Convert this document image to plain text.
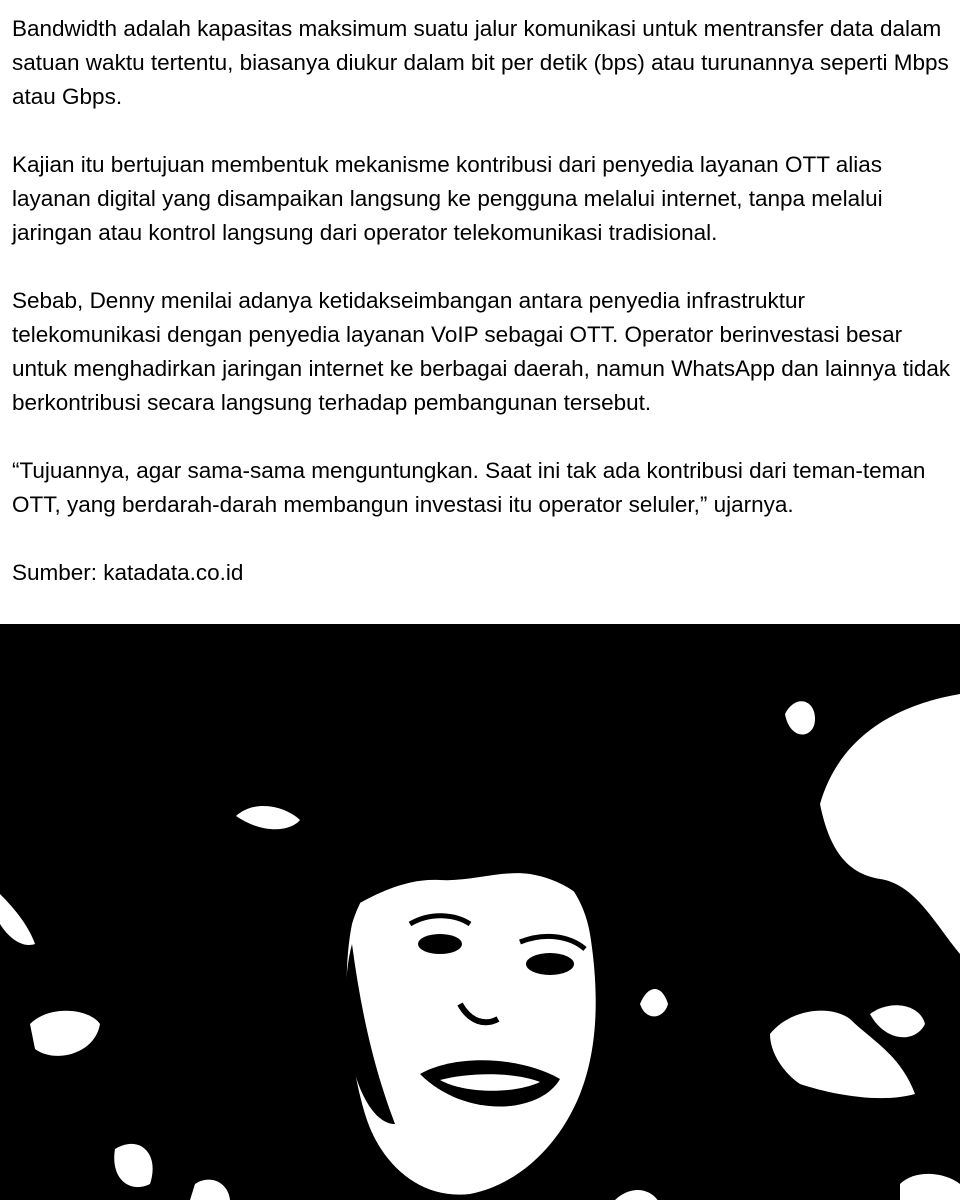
Bandwidth adalah kapasitas maksimum suatu jalur komunikasi untuk mentransfer data dalam satuan waktu tertentu, biasanya diukur dalam bit per detik (bps) atau turunannya seperti Mbps atau Gbps.

Kajian itu bertujuan membentuk mekanisme kontribusi dari penyedia layanan OTT alias layanan digital yang disampaikan langsung ke pengguna melalui internet, tanpa melalui jaringan atau kontrol langsung dari operator telekomunikasi tradisional.

Sebab, Denny menilai adanya ketidakseimbangan antara penyedia infrastruktur telekomunikasi dengan penyedia layanan VoIP sebagai OTT. Operator berinvestasi besar untuk menghadirkan jaringan internet ke berbagai daerah, namun WhatsApp dan lainnya tidak berkontribusi secara langsung terhadap pembangunan tersebut.

“Tujuannya, agar sama-sama menguntungkan. Saat ini tak ada kontribusi dari teman-teman OTT, yang berdarah-darah membangun investasi itu operator seluler,” ujarnya.

Sumber: katadata.co.id
